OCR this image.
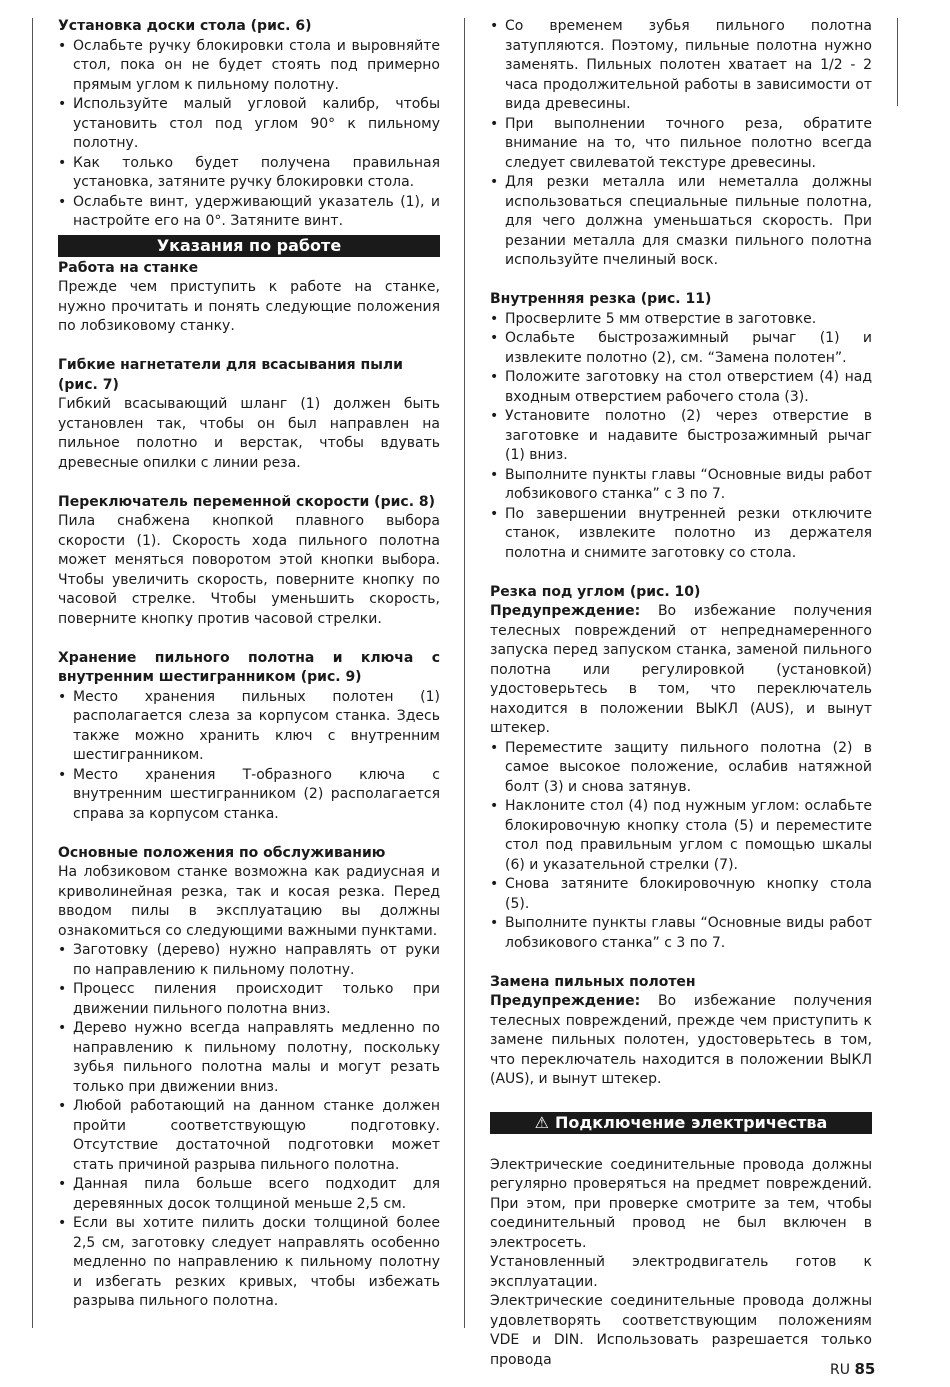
Установка доски стола (рис. 6)

• Ослабьте ручку блокировки стола и выровняйте стол, пока он не будет стоять под примерно прямым углом к пильному полотну.
• Используйте малый угловой калибр, чтобы установить стол под углом 90° к пильному полотну.
• Как только будет получена правильная установка, затяните ручку блокировки стола.
• Ослабьте винт, удерживающий указатель (1), и настройте его на 0°. Затяните винт.
Указания по работе

Работа на станке

Прежде чем приступить к работе на станке, нужно прочитать и понять следующие положения по лобзиковому станку.

Гибкие нагнетатели для всасывания пыли (рис. 7)

Гибкий всасывающий шланг (1) должен быть установлен так, чтобы он был направлен на пильное полотно и верстак, чтобы вдувать древесные опилки с линии реза.

Переключатель переменной скорости (рис. 8)

Пила снабжена кнопкой плавного выбора скорости (1). Скорость хода пильного полотна может меняться поворотом этой кнопки выбора. Чтобы увеличить скорость, поверните кнопку по часовой стрелке. Чтобы уменьшить скорость, поверните кнопку против часовой стрелки.

Хранение пильного полотна и ключа с внутренним шестигранником (рис. 9)

• Место хранения пильных полотен (1) располагается слеза за корпусом станка. Здесь также можно хранить ключ с внутренним шестигранником.
• Место хранения Т-образного ключа с внутренним шестигранником (2) располагается справа за корпусом станка.

Основные положения по обслуживанию

На лобзиковом станке возможна как радиусная и криволинейная резка, так и косая резка. Перед вводом пилы в эксплуатацию вы должны ознакомиться со следующими важными пунктами.

• Заготовку (дерево) нужно направлять от руки по направлению к пильному полотну.
• Процесс пиления происходит только при движении пильного полотна вниз.
• Дерево нужно всегда направлять медленно по направлению к пильному полотну, поскольку зубья пильного полотна малы и могут резать только при движении вниз.
• Любой работающий на данном станке должен пройти соответствующую подготовку. Отсутствие достаточной подготовки может стать причиной разрыва пильного полотна.
• Данная пила больше всего подходит для деревянных досок толщиной меньше 2,5 см.
• Если вы хотите пилить доски толщиной более 2,5 см, заготовку следует направлять особенно медленно по направлению к пильному полотну и избегать резких кривых, чтобы избежать разрыва пильного полотна.
• Со временем зубья пильного полотна затупляются. Поэтому, пильные полотна нужно заменять. Пильных полотен хватает на 1/2 - 2 часа продолжительной работы в зависимости от вида древесины.
• При выполнении точного реза, обратите внимание на то, что пильное полотно всегда следует свилеватой текстуре древесины.
• Для резки металла или неметалла должны использоваться специальные пильные полотна, для чего должна уменьшаться скорость. При резании металла для смазки пильного полотна используйте пчелиный воск.

Внутренняя резка (рис. 11)

• Просверлите 5 мм отверстие в заготовке.
• Ослабьте быстрозажимный рычаг (1) и извлеките полотно (2), см. “Замена полотен”.
• Положите заготовку на стол отверстием (4) над входным отверстием рабочего стола (3).
• Установите полотно (2) через отверстие в заготовке и надавите быстрозажимный рычаг (1) вниз.
• Выполните пункты главы “Основные виды работ лобзикового станка” с 3 по 7.
• По завершении внутренней резки отключите станок, извлеките полотно из держателя полотна и снимите заготовку со стола.

Резка под углом (рис. 10)

Предупреждение: Во избежание получения телесных повреждений от непреднамеренного запуска перед запуском станка, заменой пильного полотна или регулировкой (установкой) удостоверьтесь в том, что переключатель находится в положении ВЫКЛ (AUS), и вынут штекер.

• Переместите защиту пильного полотна (2) в самое высокое положение, ослабив натяжной болт (3) и снова затянув.
• Наклоните стол (4) под нужным углом: ослабьте блокировочную кнопку стола (5) и переместите стол под правильным углом с помощью шкалы (6) и указательной стрелки (7).
• Снова затяните блокировочную кнопку стола (5).
• Выполните пункты главы “Основные виды работ лобзикового станка” с 3 по 7.

Замена пильных полотен

Предупреждение: Во избежание получения телесных повреждений, прежде чем приступить к замене пильных полотен, удостоверьтесь в том, что переключатель находится в положении ВЫКЛ (AUS), и вынут штекер.

⚠ Подключение электричества

Электрические соединительные провода должны регулярно проверяться на предмет повреждений. При этом, при проверке смотрите за тем, чтобы соединительный провод не был включен в электросеть.

Установленный электродвигатель готов к эксплуатации.

Электрические соединительные провода должны удовлетворять соответствующим положениям VDE и DIN. Использовать разрешается только провода

RU 85
